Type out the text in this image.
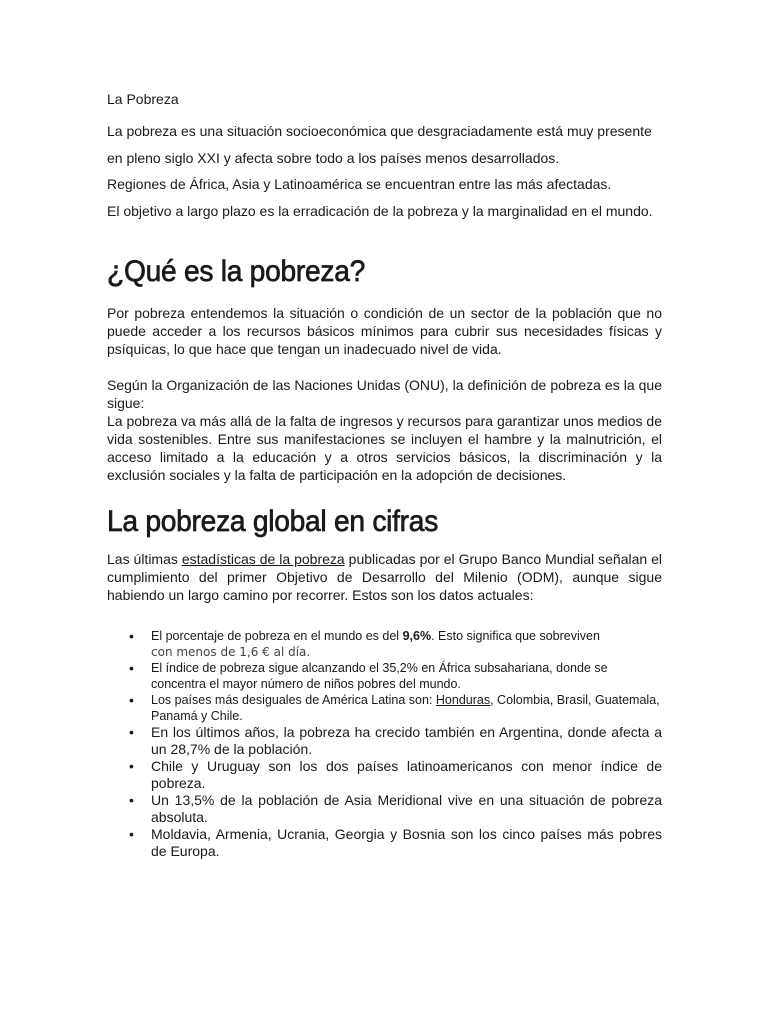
La Pobreza

La pobreza es una situación socioeconómica que desgraciadamente está muy presente en pleno siglo XXI y afecta sobre todo a los países menos desarrollados.

Regiones de África, Asia y Latinoamérica se encuentran entre las más afectadas.

El objetivo a largo plazo es la erradicación de la pobreza y la marginalidad en el mundo.

¿Qué es la pobreza?

Por pobreza entendemos la situación o condición de un sector de la población que no puede acceder a los recursos básicos mínimos para cubrir sus necesidades físicas y psíquicas, lo que hace que tengan un inadecuado nivel de vida.

Según la Organización de las Naciones Unidas (ONU), la definición de pobreza es la que sigue:

La pobreza va más allá de la falta de ingresos y recursos para garantizar unos medios de vida sostenibles. Entre sus manifestaciones se incluyen el hambre y la malnutrición, el acceso limitado a la educación y a otros servicios básicos, la discriminación y la exclusión sociales y la falta de participación en la adopción de decisiones.

La pobreza global en cifras

Las últimas estadísticas de la pobreza publicadas por el Grupo Banco Mundial señalan el cumplimiento del primer Objetivo de Desarrollo del Milenio (ODM), aunque sigue habiendo un largo camino por recorrer. Estos son los datos actuales:

• El porcentaje de pobreza en el mundo es del 9,6%. Esto significa que sobreviven
con menos de 1,6 € al día.
• El índice de pobreza sigue alcanzando el 35,2% en África subsahariana, donde se concentra el mayor número de niños pobres del mundo.
• Los países más desiguales de América Latina son: Honduras, Colombia, Brasil, Guatemala, Panamá y Chile.
• En los últimos años, la pobreza ha crecido también en Argentina, donde afecta a un 28,7% de la población.
• Chile y Uruguay son los dos países latinoamericanos con menor índice de pobreza.
• Un 13,5% de la población de Asia Meridional vive en una situación de pobreza absoluta.
• Moldavia, Armenia, Ucrania, Georgia y Bosnia son los cinco países más pobres de Europa.
